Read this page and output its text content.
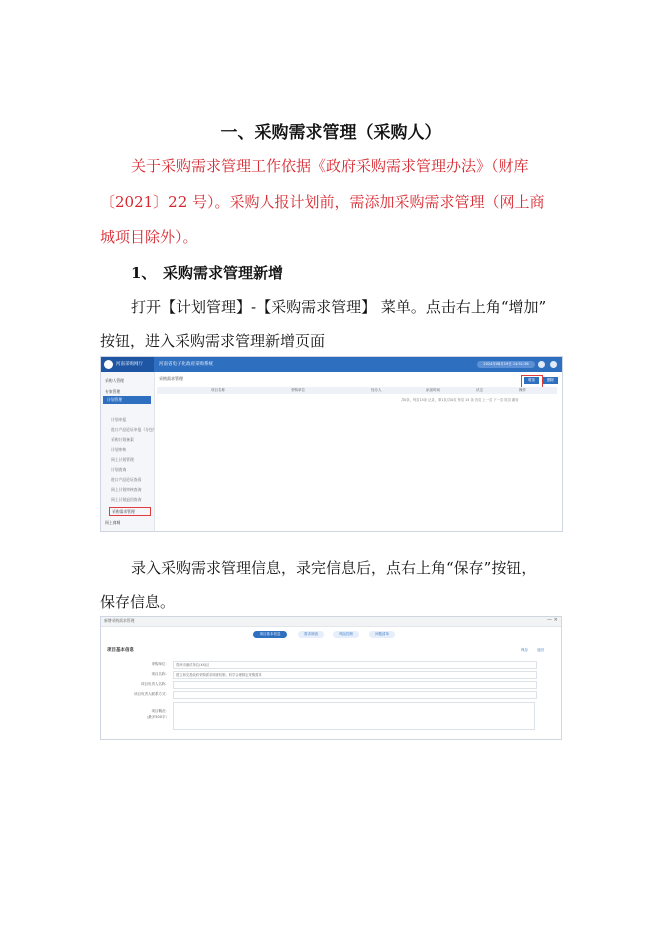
一、采购需求管理（采购人）
关于采购需求管理工作依据《政府采购需求管理办法》（财库
〔2021〕22 号）。采购人报计划前，需添加采购需求管理（网上商
城项目除外）。
1、 采购需求管理新增
打开【计划管理】-【采购需求管理】 菜单。点击右上角“增加”
按钮，进入采购需求管理新增页面
河南采购网厅	河南省电子化政府采购系统	2024年08月19日 14:51:36
采购人管理
专家管理
计划管理
计划申报
进口产品论证申报（分包）
采购计划备案
计划审核
网上计划管理
计划查询
进口产品论证查看
网上计划审核查询
网上计划退回查询
采购需求管理
网上商城
采购需求管理	增加	删除
项目名称	采购单位	经办人	添加时间	状态	操作
共0条，每页15条 记录，第1页/共0页 每页 15 条 首页 上一页 下一页 尾页 跳转
录入采购需求管理信息，录完信息后，点右上角“保存”按钮，
保存信息。
新增采购需求管理	— ×
项目基本信息	需求调查	风险控制	问题清单
项目基本信息	保存	返回
采购单位：	郑州市测试单位(XX)区
项目名称：	建立和完善政府采购需求调查机制，科学合理制定采购需求
项目负责人名称：
项目负责人联系方式：
项目概况：
（最多500字）
